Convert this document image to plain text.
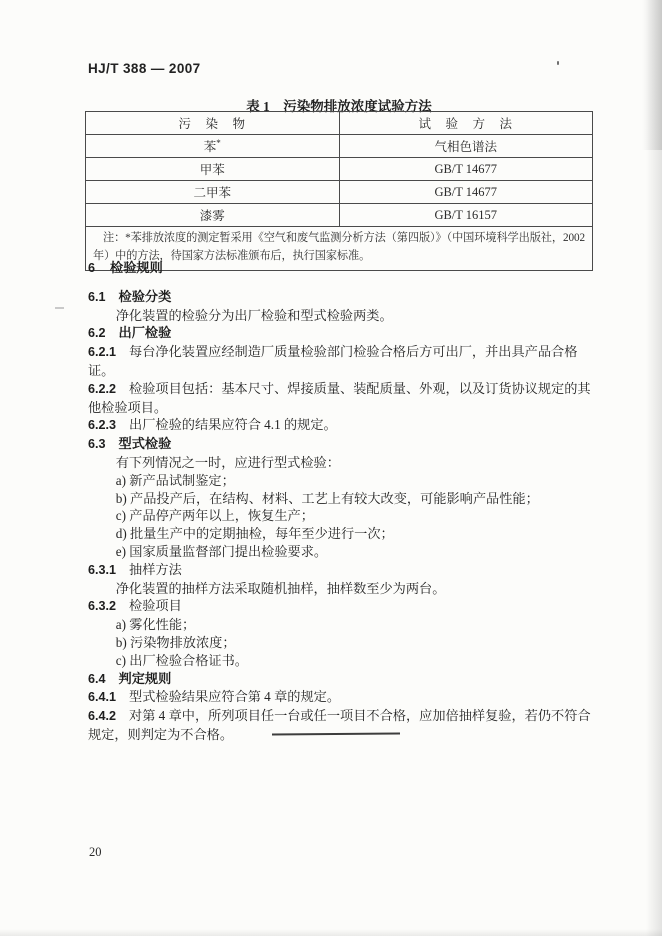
HJ/T 388 — 2007
表 1　污染物排放浓度试验方法
污　染　物	试　验　方　法
苯*	气相色谱法
甲苯	GB/T 14677
二甲苯	GB/T 14677
漆雾	GB/T 16157
注：*苯排放浓度的测定暂采用《空气和废气监测分析方法（第四版）》（中国环境科学出版社，2002 年）中的方法，待国家方法标准颁布后，执行国家标准。	
6 检验规则
6.1 检验分类
净化装置的检验分为出厂检验和型式检验两类。
6.2 出厂检验
6.2.1 每台净化装置应经制造厂质量检验部门检验合格后方可出厂，并出具产品合格证。
6.2.2 检验项目包括：基本尺寸、焊接质量、装配质量、外观，以及订货协议规定的其他检验项目。
6.2.3 出厂检验的结果应符合 4.1 的规定。
6.3 型式检验
有下列情况之一时，应进行型式检验：
a) 新产品试制鉴定；
b) 产品投产后，在结构、材料、工艺上有较大改变，可能影响产品性能；
c) 产品停产两年以上，恢复生产；
d) 批量生产中的定期抽检，每年至少进行一次；
e) 国家质量监督部门提出检验要求。
6.3.1 抽样方法
净化装置的抽样方法采取随机抽样，抽样数至少为两台。
6.3.2 检验项目
a) 雾化性能；
b) 污染物排放浓度；
c) 出厂检验合格证书。
6.4 判定规则
6.4.1 型式检验结果应符合第 4 章的规定。
6.4.2 对第 4 章中，所列项目任一台或任一项目不合格，应加倍抽样复验，若仍不符合规定，则判定为不合格。
20
